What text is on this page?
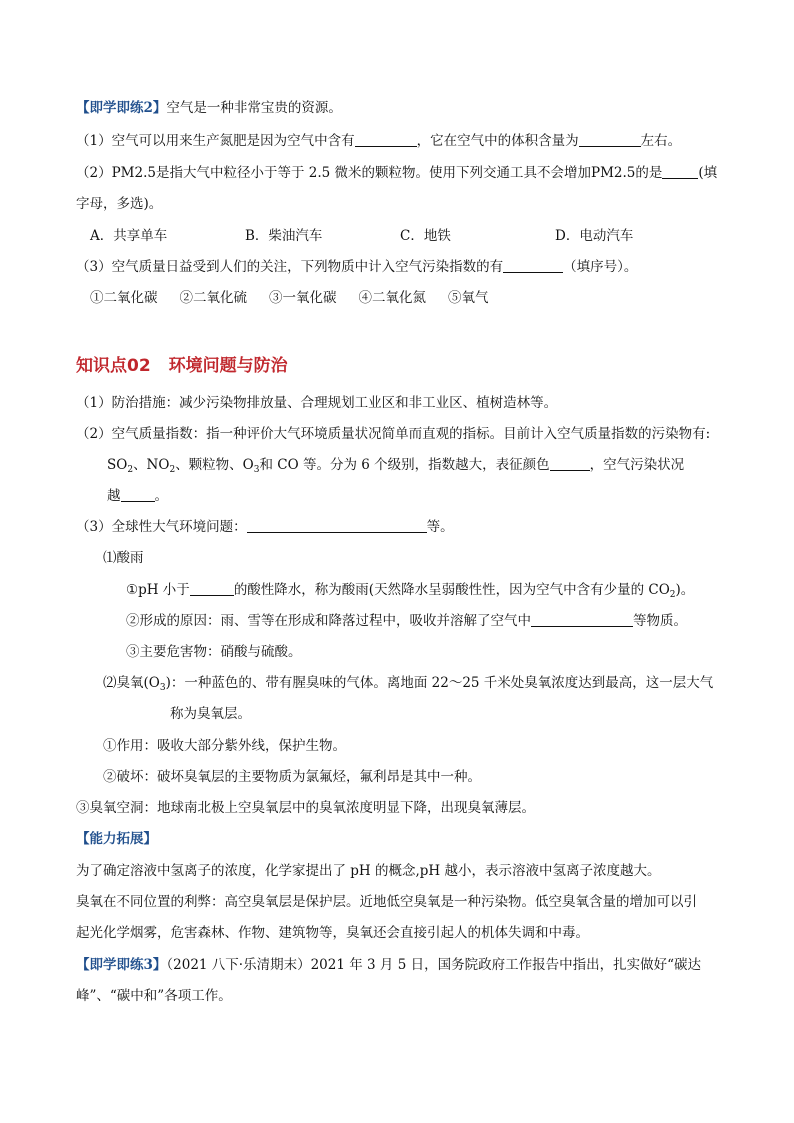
【即学即练2】空气是一种非常宝贵的资源。
（1）空气可以用来生产氮肥是因为空气中含有	，它在空气中的体积含量为	左右。
（2）PM2.5是指大气中粒径小于等于 2.5 微米的颗粒物。使用下列交通工具不会增加PM2.5的是	(填
字母，多选)。
A．共享单车	B．柴油汽车	C．地铁	D．电动汽车
（3）空气质量日益受到人们的关注，下列物质中计入空气污染指数的有	（填序号）。
①二氧化碳 ②二氧化硫 ③一氧化碳 ④二氧化氮 ⑤氧气
知识点02 环境问题与防治
（1）防治措施：减少污染物排放量、合理规划工业区和非工业区、植树造林等。
（2）空气质量指数：指一种评价大气环境质量状况简单而直观的指标。目前计入空气质量指数的污染物有:
$SO_2$、$NO_2$、颗粒物、$O_3$和 CO 等。分为 6 个级别，指数越大，表征颜色	，空气污染状况
越	。
（3）全球性大气环境问题：	等。
⑴酸雨
①pH 小于	的酸性降水，称为酸雨(天然降水呈弱酸性性，因为空气中含有少量的 $CO_2$)。
②形成的原因：雨、雪等在形成和降落过程中，吸收并溶解了空气中	等物质。
③主要危害物：硝酸与硫酸。
⑵臭氧$(O_3)$：一种蓝色的、带有腥臭味的气体。离地面 22～25 千米处臭氧浓度达到最高，这一层大气
称为臭氧层。
①作用：吸收大部分紫外线，保护生物。
②破坏：破坏臭氧层的主要物质为氯氟烃，氟利昂是其中一种。
③臭氧空洞：地球南北极上空臭氧层中的臭氧浓度明显下降，出现臭氧薄层。
【能力拓展】
为了确定溶液中氢离子的浓度，化学家提出了 pH 的概念,pH 越小，表示溶液中氢离子浓度越大。
臭氧在不同位置的利弊：高空臭氧层是保护层。近地低空臭氧是一种污染物。低空臭氧含量的增加可以引
起光化学烟雾，危害森林、作物、建筑物等，臭氧还会直接引起人的机体失调和中毒。
【即学即练3】（2021 八下·乐清期末）2021 年 3 月 5 日，国务院政府工作报告中指出，扎实做好“碳达
峰”、“碳中和”各项工作。
